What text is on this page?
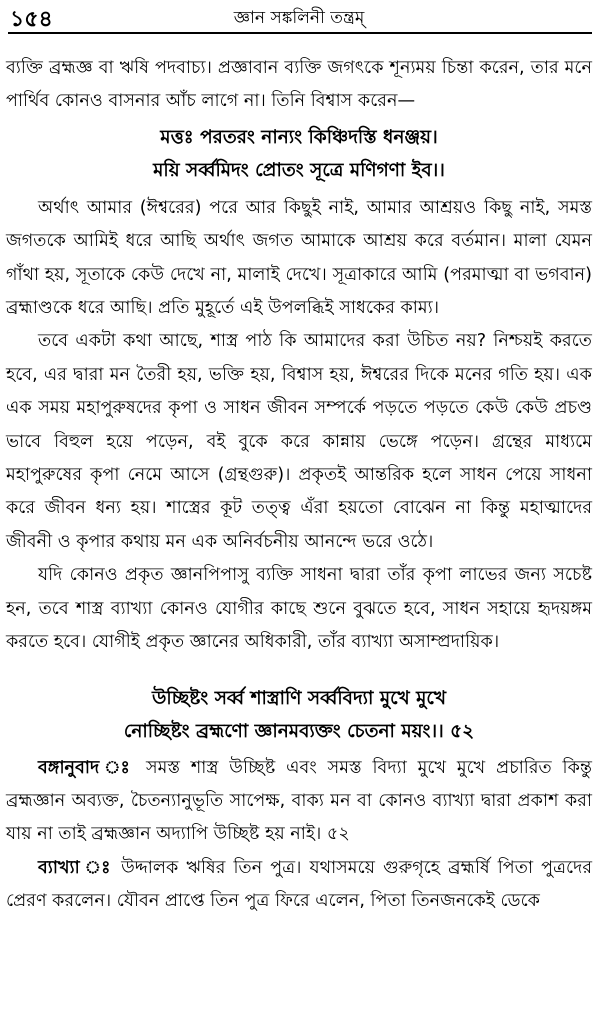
১৫৪	জ্ঞান সঙ্কলিনী তন্ত্রম্

ব্যক্তি ব্রহ্মজ্ঞ বা ঋষি পদবাচ্য। প্রজ্ঞাবান ব্যক্তি জগৎকে শূন্যময় চিন্তা করেন, তার মনে পার্থিব কোনও বাসনার আঁচ লাগে না। তিনি বিশ্বাস করেন—

মত্তঃ পরতরং নান্যং কিঞ্চিদস্তি ধনঞ্জয়।
ময়ি সর্ব্বমিদং প্রোতং সূত্রে মণিগণা ইব।।

অর্থাৎ আমার (ঈশ্বরের) পরে আর কিছুই নাই, আমার আশ্রয়ও কিছু নাই, সমস্ত জগতকে আমিই ধরে আছি অর্থাৎ জগত আমাকে আশ্রয় করে বর্তমান। মালা যেমন গাঁথা হয়, সূতাকে কেউ দেখে না, মালাই দেখে। সূত্রাকারে আমি (পরমাত্মা বা ভগবান) ব্রহ্মাণ্ডকে ধরে আছি। প্রতি মুহূর্তে এই উপলব্ধিই সাধকের কাম্য।

তবে একটা কথা আছে, শাস্ত্র পাঠ কি আমাদের করা উচিত নয়? নিশ্চয়ই করতে হবে, এর দ্বারা মন তৈরী হয়, ভক্তি হয়, বিশ্বাস হয়, ঈশ্বরের দিকে মনের গতি হয়। এক এক সময় মহাপুরুষদের কৃপা ও সাধন জীবন সম্পর্কে পড়তে পড়তে কেউ কেউ প্রচণ্ড ভাবে বিহুল হয়ে পড়েন, বই বুকে করে কান্নায় ভেঙ্গে পড়েন। গ্রন্থের মাধ্যমে মহাপুরুষের কৃপা নেমে আসে (গ্রন্থগুরু)। প্রকৃতই আন্তরিক হলে সাধন পেয়ে সাধনা করে জীবন ধন্য হয়। শাস্ত্রের কূট তত্ত্ব এঁরা হয়তো বোঝেন না কিন্তু মহাত্মাদের জীবনী ও কৃপার কথায় মন এক অনির্বচনীয় আনন্দে ভরে ওঠে।

যদি কোনও প্রকৃত জ্ঞানপিপাসু ব্যক্তি সাধনা দ্বারা তাঁর কৃপা লাভের জন্য সচেষ্ট হন, তবে শাস্ত্র ব্যাখ্যা কোনও যোগীর কাছে শুনে বুঝতে হবে, সাধন সহায়ে হৃদয়ঙ্গম করতে হবে। যোগীই প্রকৃত জ্ঞানের অধিকারী, তাঁর ব্যাখ্যা অসাম্প্রদায়িক।

উচ্ছিষ্টং সর্ব্ব শাস্ত্রাণি সর্ব্ববিদ্যা মুখে মুখে
নোচ্ছিষ্টং ব্রহ্মণো জ্ঞানমব্যক্তং চেতনা ময়ং।। ৫২

বঙ্গানুবাদ ঃ সমস্ত শাস্ত্র উচ্ছিষ্ট এবং সমস্ত বিদ্যা মুখে মুখে প্রচারিত কিন্তু ব্রহ্মজ্ঞান অব্যক্ত, চৈতন্যানুভূতি সাপেক্ষ, বাক্য মন বা কোনও ব্যাখ্যা দ্বারা প্রকাশ করা যায় না তাই ব্রহ্মজ্ঞান অদ্যাপি উচ্ছিষ্ট হয় নাই। ৫২

ব্যাখ্যা ঃ উদ্দালক ঋষির তিন পুত্র। যথাসময়ে গুরুগৃহে ব্রহ্মর্ষি পিতা পুত্রদের প্রেরণ করলেন। যৌবন প্রাপ্তে তিন পুত্র ফিরে এলেন, পিতা তিনজনকেই ডেকে
